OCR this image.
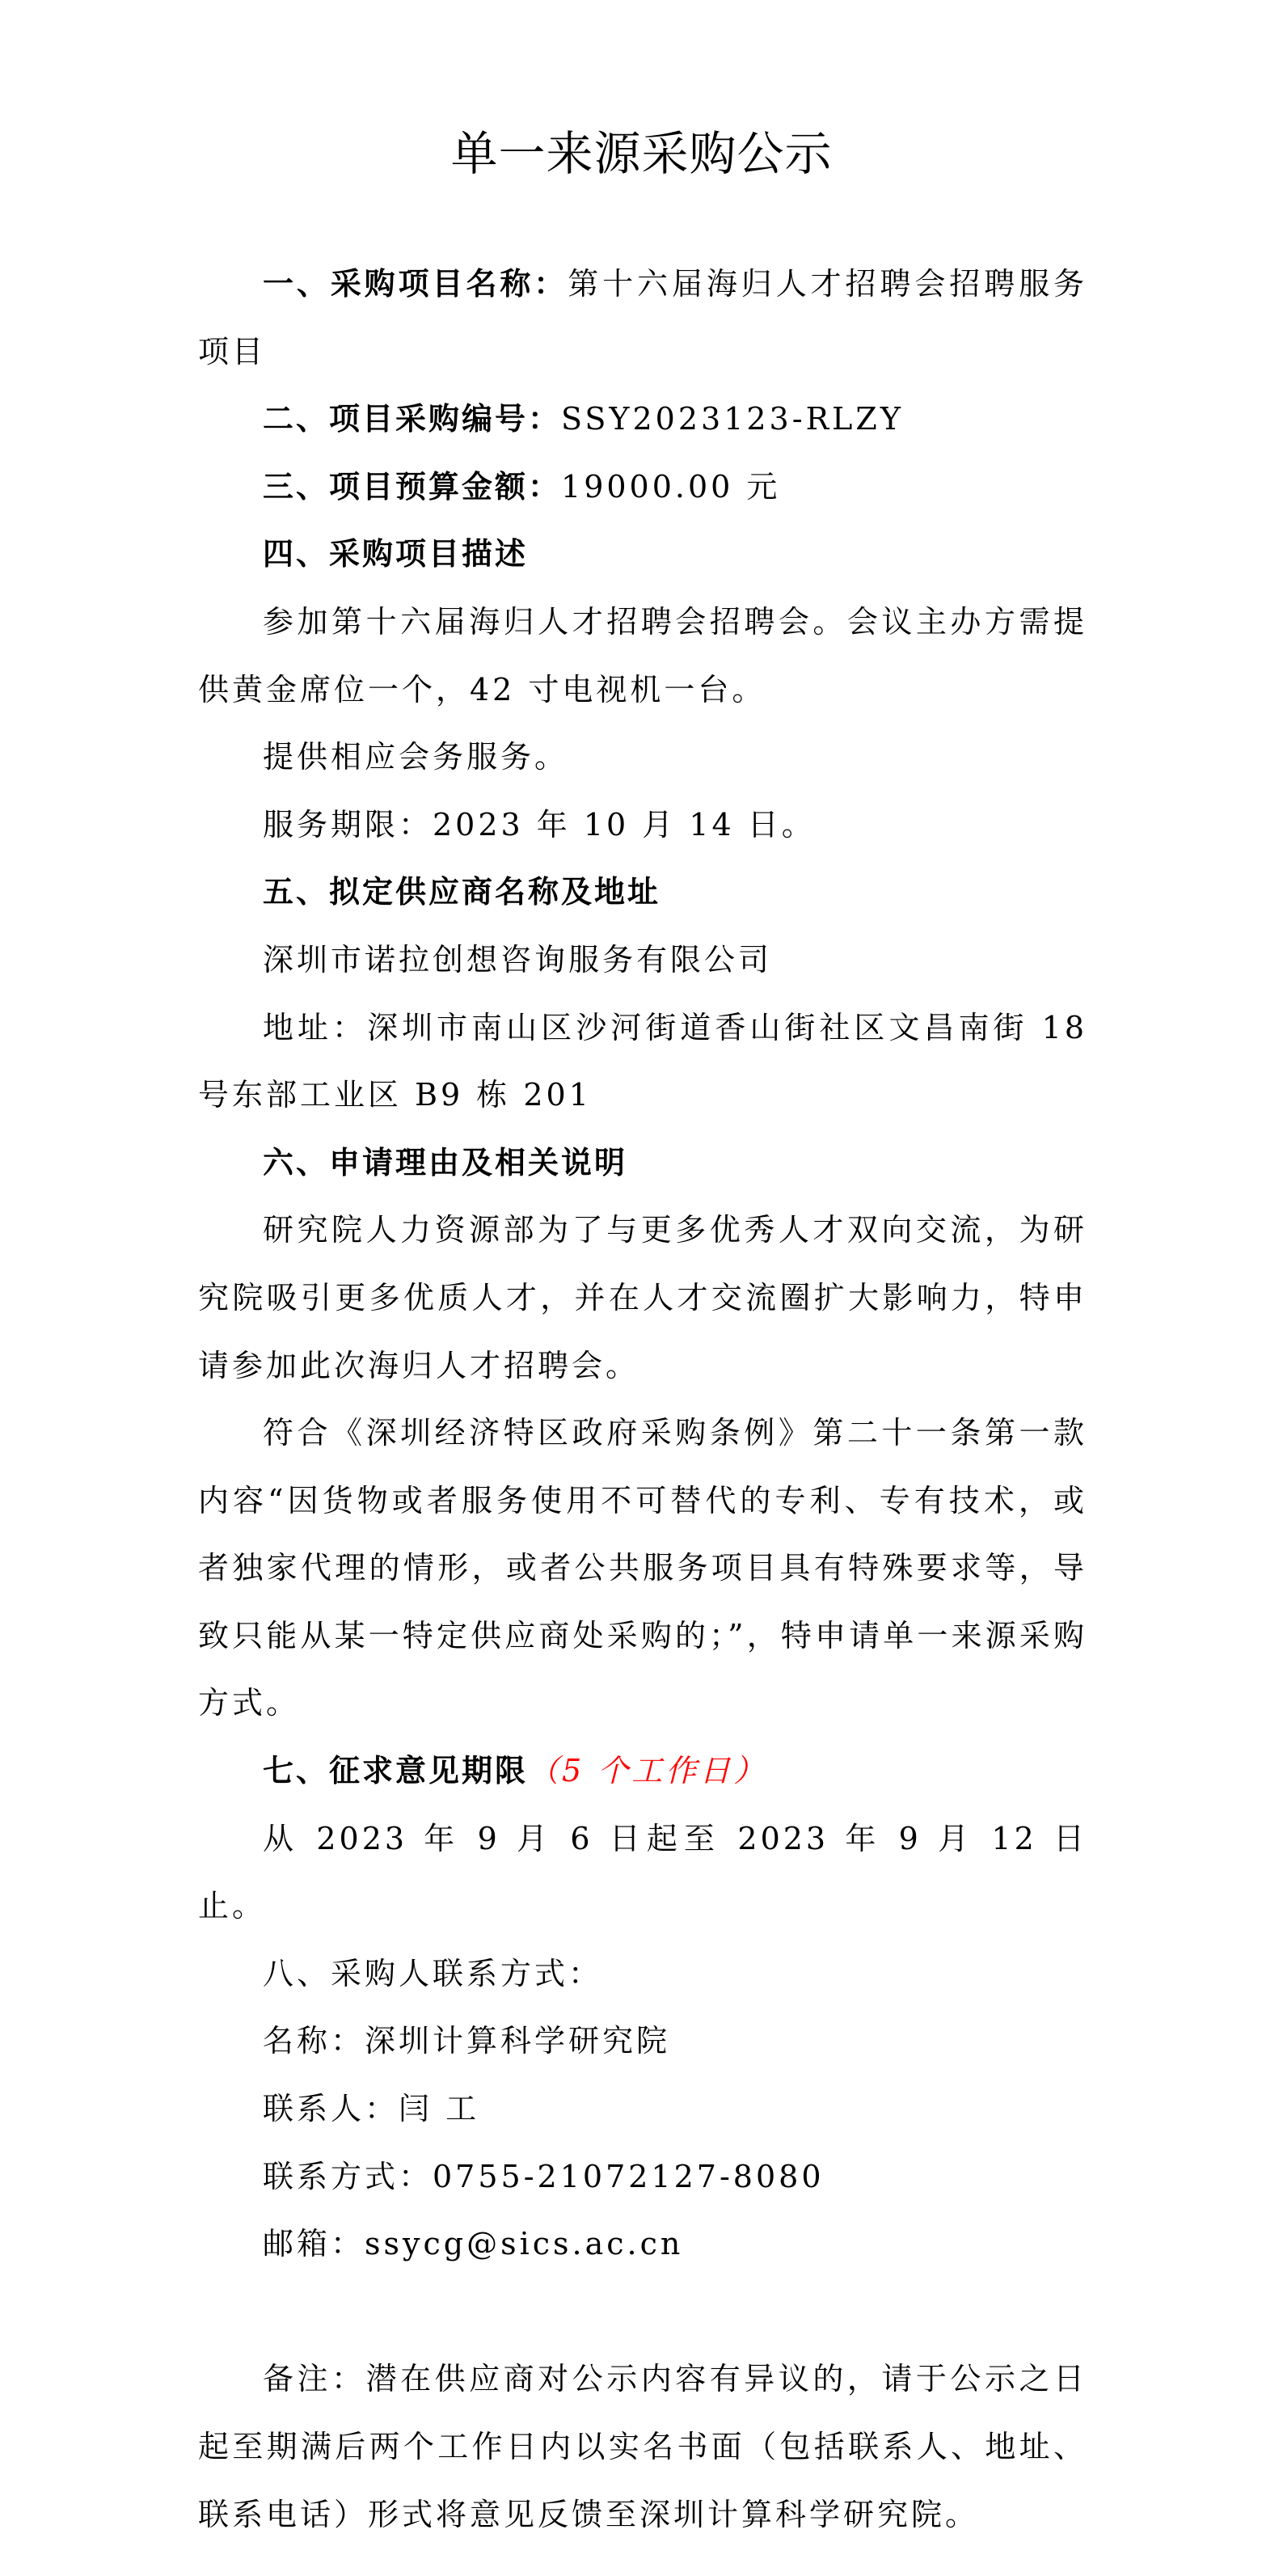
单一来源采购公示

一、采购项目名称：第十六届海归人才招聘会招聘服务项目

二、项目采购编号：SSY2023123-RLZY

三、项目预算金额：19000.00 元

四、采购项目描述

参加第十六届海归人才招聘会招聘会。会议主办方需提供黄金席位一个，42 寸电视机一台。

提供相应会务服务。

服务期限：2023 年 10 月 14 日。

五、拟定供应商名称及地址

深圳市诺拉创想咨询服务有限公司

地址：深圳市南山区沙河街道香山街社区文昌南街 18 号东部工业区 B9 栋 201

六、申请理由及相关说明

研究院人力资源部为了与更多优秀人才双向交流，为研究院吸引更多优质人才，并在人才交流圈扩大影响力，特申请参加此次海归人才招聘会。

符合《深圳经济特区政府采购条例》第二十一条第一款内容“因货物或者服务使用不可替代的专利、专有技术，或者独家代理的情形，或者公共服务项目具有特殊要求等，导致只能从某一特定供应商处采购的；”，特申请单一来源采购方式。

七、征求意见期限（5 个工作日）

从 2023 年 9 月 6 日起至 2023 年 9 月 12 日止。

八、采购人联系方式：

名称：深圳计算科学研究院

联系人：闫 工

联系方式：0755-21072127-8080

邮箱：ssycg@sics.ac.cn

备注：潜在供应商对公示内容有异议的，请于公示之日起至期满后两个工作日内以实名书面（包括联系人、地址、联系电话）形式将意见反馈至深圳计算科学研究院。
